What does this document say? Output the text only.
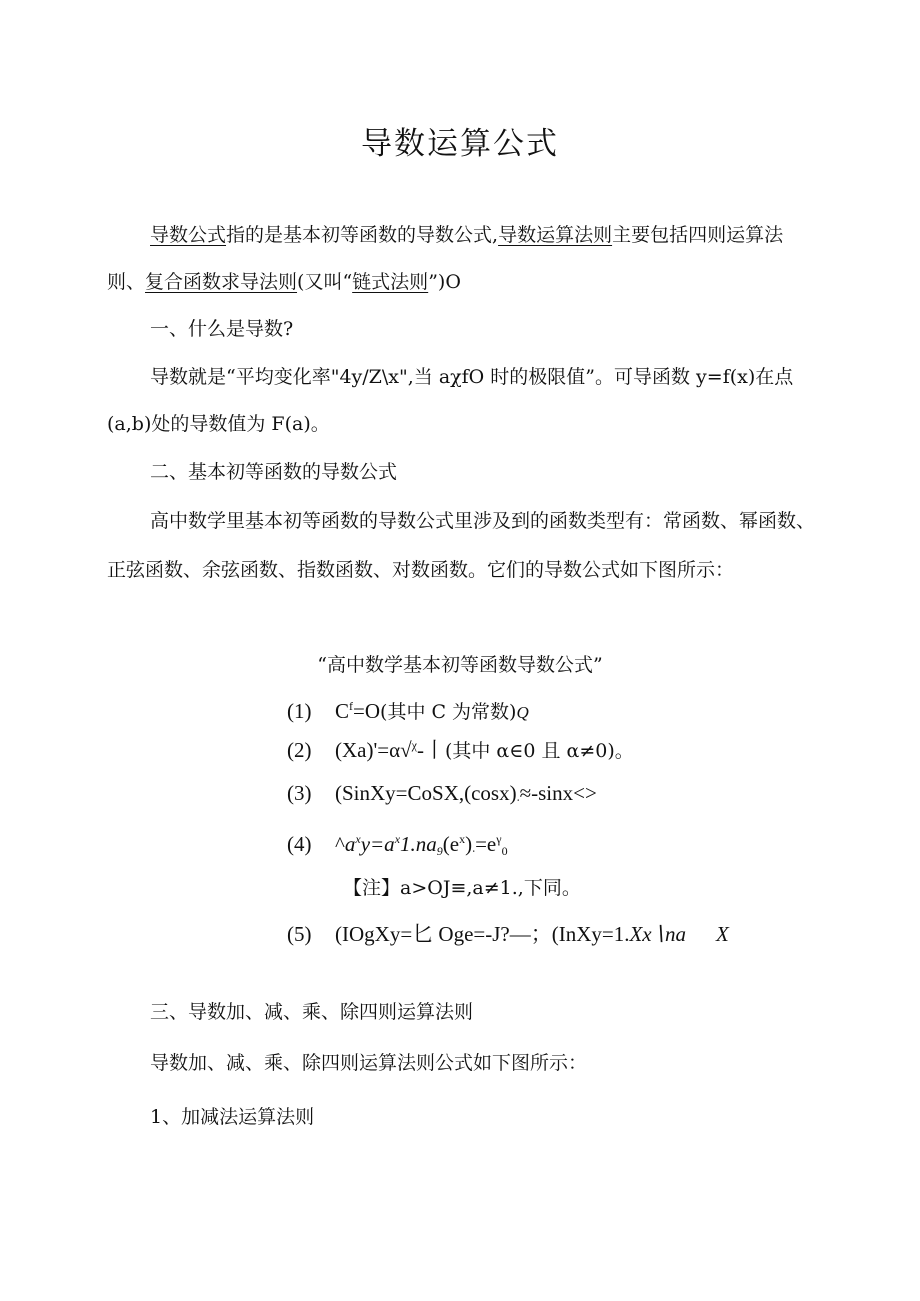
导数运算公式
导数公式指的是基本初等函数的导数公式,导数运算法则主要包括四则运算法
则、复合函数求导法则(又叫“链式法则”)O
一、什么是导数?
导数就是“平均变化率"4y/Z\x",当 aχfO 时的极限值”。可导函数 y=f(x)在点
(a,b)处的导数值为 F(a)。
二、基本初等函数的导数公式
高中数学里基本初等函数的导数公式里涉及到的函数类型有：常函数、幂函数、
正弦函数、余弦函数、指数函数、对数函数。它们的导数公式如下图所示：
“高中数学基本初等函数导数公式”
(1) $C^f=O$(其中 C 为常数)Q
(2) (Xa)'=α√$^\chi$-丨(其中 α∈0 且 α≠0)。
(3) ($SinXy=CoSX,(\cos x)_\cdot\approx-\sin x<>$
(4) $\^{}a^xy=a^x1.na_9(e^x)_\cdot=e^\gamma_0$
【注】a>OJ≡,a≠1.,下同。
(5) (IOgXy=匕 Oge=-J?—；(InXy=1.Xx∖na X
三、导数加、减、乘、除四则运算法则
导数加、减、乘、除四则运算法则公式如下图所示：
1、加减法运算法则
